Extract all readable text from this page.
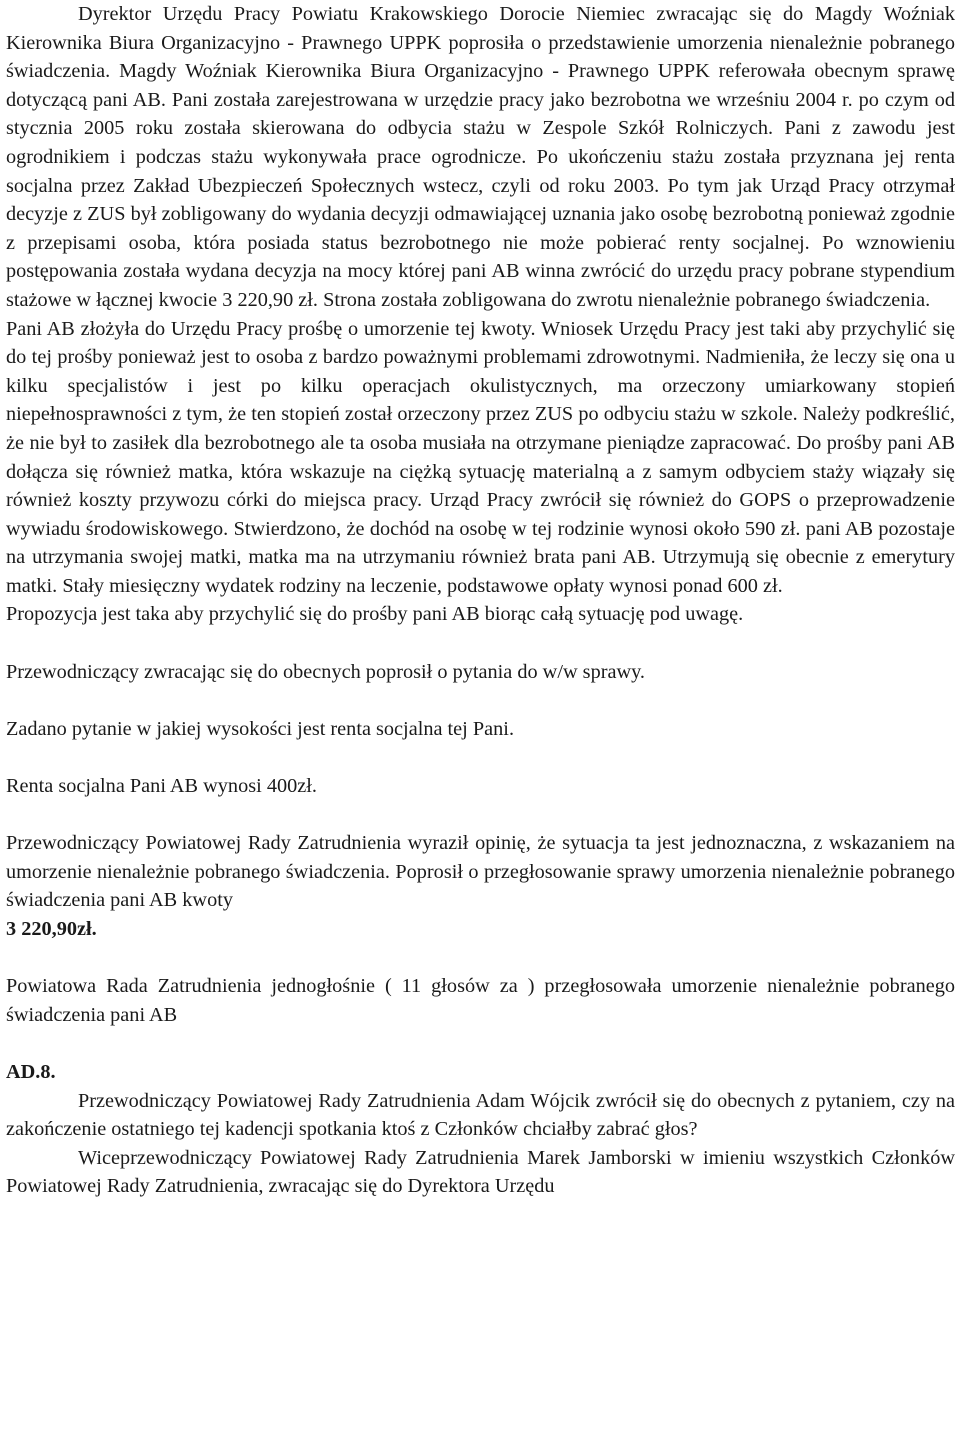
Dyrektor Urzędu Pracy Powiatu Krakowskiego Dorocie Niemiec zwracając się do Magdy Woźniak Kierownika Biura Organizacyjno - Prawnego UPPK poprosiła o przedstawienie umorzenia nienależnie pobranego świadczenia. Magdy Woźniak Kierownika Biura Organizacyjno - Prawnego UPPK referowała obecnym sprawę dotyczącą pani AB. Pani została zarejestrowana w urzędzie pracy jako bezrobotna we wrześniu 2004 r. po czym od stycznia 2005 roku została skierowana do odbycia stażu w Zespole Szkół Rolniczych. Pani z zawodu jest ogrodnikiem i podczas stażu wykonywała prace ogrodnicze. Po ukończeniu stażu została przyznana jej renta socjalna przez Zakład Ubezpieczeń Społecznych wstecz, czyli od roku 2003. Po tym jak Urząd Pracy otrzymał decyzje z ZUS był zobligowany do wydania decyzji odmawiającej uznania jako osobę bezrobotną ponieważ zgodnie z przepisami osoba, która posiada status bezrobotnego nie może pobierać renty socjalnej. Po wznowieniu postępowania została wydana decyzja na mocy której pani AB winna zwrócić do urzędu pracy pobrane stypendium stażowe w łącznej kwocie 3 220,90 zł. Strona została zobligowana do zwrotu nienależnie pobranego świadczenia.

Pani AB złożyła do Urzędu Pracy prośbę o umorzenie tej kwoty. Wniosek Urzędu Pracy jest taki aby przychylić się do tej prośby ponieważ jest to osoba z bardzo poważnymi problemami zdrowotnymi. Nadmieniła, że leczy się ona u kilku specjalistów i jest po kilku operacjach okulistycznych, ma orzeczony umiarkowany stopień niepełnosprawności z tym, że ten stopień został orzeczony przez ZUS po odbyciu stażu w szkole. Należy podkreślić, że nie był to zasiłek dla bezrobotnego ale ta osoba musiała na otrzymane pieniądze zapracować. Do prośby pani AB dołącza się również matka, która wskazuje na ciężką sytuację materialną a z samym odbyciem staży wiązały się również koszty przywozu córki do miejsca pracy. Urząd Pracy zwrócił się również do GOPS o przeprowadzenie wywiadu środowiskowego. Stwierdzono, że dochód na osobę w tej rodzinie wynosi około 590 zł. pani AB pozostaje na utrzymania swojej matki, matka ma na utrzymaniu również brata pani AB. Utrzymują się obecnie z emerytury matki. Stały miesięczny wydatek rodziny na leczenie, podstawowe opłaty wynosi ponad 600 zł.

Propozycja jest taka aby przychylić się do prośby pani AB biorąc całą sytuację pod uwagę.

Przewodniczący zwracając się do obecnych poprosił o pytania do w/w sprawy.

Zadano pytanie w jakiej wysokości jest renta socjalna tej Pani.

Renta socjalna Pani AB wynosi 400zł.

Przewodniczący Powiatowej Rady Zatrudnienia wyraził opinię, że sytuacja ta jest jednoznaczna, z wskazaniem na umorzenie nienależnie pobranego świadczenia. Poprosił o przegłosowanie sprawy umorzenia nienależnie pobranego świadczenia pani AB kwoty
3 220,90zł.

Powiatowa Rada Zatrudnienia jednogłośnie ( 11 głosów za ) przegłosowała umorzenie nienależnie pobranego świadczenia pani AB

AD.8.

Przewodniczący Powiatowej Rady Zatrudnienia Adam Wójcik zwrócił się do obecnych z pytaniem, czy na zakończenie ostatniego tej kadencji spotkania ktoś z Członków chciałby zabrać głos?

Wiceprzewodniczący Powiatowej Rady Zatrudnienia Marek Jamborski w imieniu wszystkich Członków Powiatowej Rady Zatrudnienia, zwracając się do Dyrektora Urzędu
